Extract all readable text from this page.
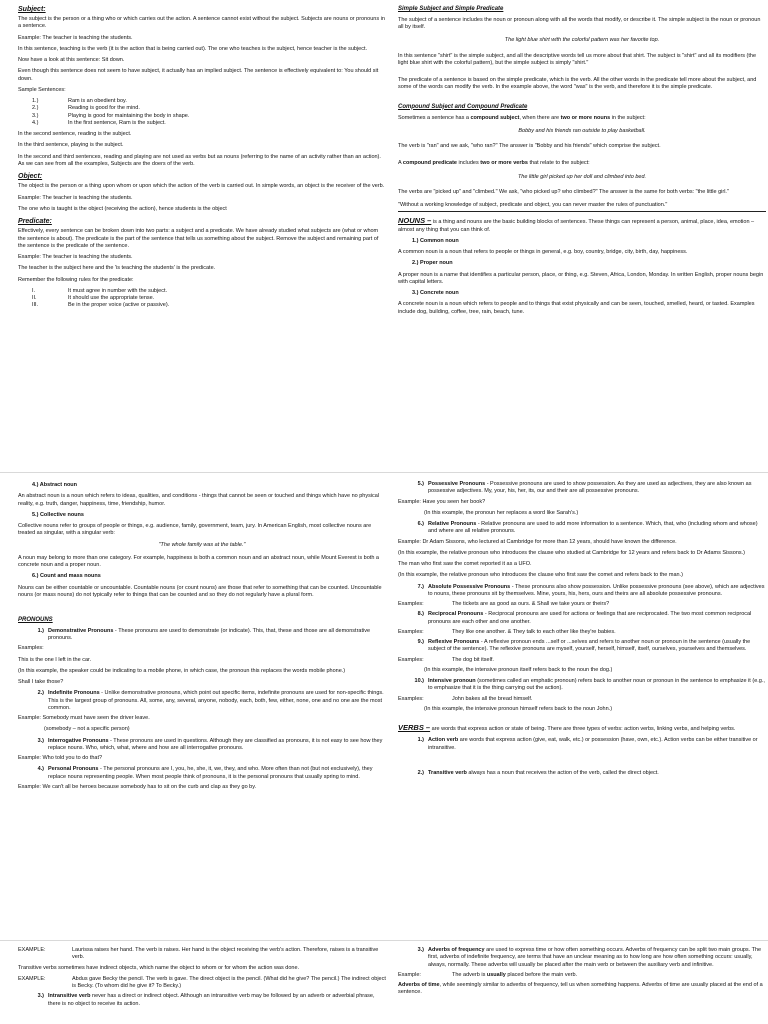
Subject:

The subject is the person or a thing who or which carries out the action. A sentence cannot exist without the subject. Subjects are nouns or pronouns in a sentence.

Example: The teacher is teaching the students.

In this sentence, teaching is the verb (it is the action that is being carried out). The one who teaches is the subject, hence teacher is the subject.

Now have a look at this sentence: Sit down.

Even though this sentence does not seem to have subject, it actually has an implied subject. The sentence is effectively equivalent to: You should sit down.

Sample Sentences:

1.)	Ram is an obedient boy.
2.)	Reading is good for the mind.
3.)	Playing is good for maintaining the body in shape.
4.)	In the first sentence, Ram is the subject.

In the second sentence, reading is the subject.

In the third sentence, playing is the subject.

In the second and third sentences, reading and playing are not used as verbs but as nouns (referring to the name of an activity rather than an action). As we can see from all the examples, Subjects are the doers of the verb.

Object:

The object is the person or a thing upon whom or upon which the action of the verb is carried out. In simple words, an object is the receiver of the verb.

Example: The teacher is teaching the students.

The one who is taught is the object (receiving the action), hence students is the object

Predicate:

Effectively, every sentence can be broken down into two parts: a subject and a predicate. We have already studied what subjects are (what or whom the sentence is about). The predicate is the part of the sentence that tells us something about the subject. Remove the subject and remaining part of the sentence is the predicate of the sentence.

Example: The teacher is teaching the students.

The teacher is the subject here and the 'is teaching the students' is the predicate.

Remember the following rules for the predicate:

I.	It must agree in number with the subject.
II.	It should use the appropriate tense.
III.	Be in the proper voice (active or passive).
Simple Subject and Simple Predicate

The subject of a sentence includes the noun or pronoun along with all the words that modify, or describe it. The simple subject is the noun or pronoun all by itself.

The light blue shirt with the colorful pattern was her favorite top.

In this sentence "shirt" is the simple subject, and all the descriptive words tell us more about that shirt. The subject is "shirt" and all its modifiers (the light blue shirt with the colorful pattern), but the simple subject is simply "shirt."

The predicate of a sentence is based on the simple predicate, which is the verb. All the other words in the predicate tell more about the subject, and some of the words can modify the verb. In the example above, the word "was" is the verb, and therefore it is the simple predicate.

Compound Subject and Compound Predicate

Sometimes a sentence has a compound subject, when there are two or more nouns in the subject:

Bobby and his friends ran outside to play basketball.

The verb is "ran" and we ask, "who ran?" The answer is "Bobby and his friends" which comprise the subject.

A compound predicate includes two or more verbs that relate to the subject:

The little girl picked up her doll and climbed into bed.

The verbs are "picked up" and "climbed." We ask, "who picked up? who climbed?" The answer is the same for both verbs: "the little girl."

"Without a working knowledge of subject, predicate and object, you can never master the rules of punctuation."

NOUNS – is a thing and nouns are the basic building blocks of sentences. These things can represent a person, animal, place, idea, emotion – almost any thing that you can think of.

1.) Common noun

A common noun is a noun that refers to people or things in general, e.g. boy, country, bridge, city, birth, day, happiness.

2.) Proper noun

A proper noun is a name that identifies a particular person, place, or thing, e.g. Steven, Africa, London, Monday. In written English, proper nouns begin with capital letters.

3.) Concrete noun

A concrete noun is a noun which refers to people and to things that exist physically and can be seen, touched, smelled, heard, or tasted. Examples include dog, building, coffee, tree, rain, beach, tune.

4.) Abstract noun

An abstract noun is a noun which refers to ideas, qualities, and conditions - things that cannot be seen or touched and things which have no physical reality, e.g. truth, danger, happiness, time, friendship, humor.

5.) Collective nouns

Collective nouns refer to groups of people or things, e.g. audience, family, government, team, jury. In American English, most collective nouns are treated as singular, with a singular verb:

"The whole family was at the table."

A noun may belong to more than one category. For example, happiness is both a common noun and an abstract noun, while Mount Everest is both a concrete noun and a proper noun.

6.) Count and mass nouns

Nouns can be either countable or uncountable. Countable nouns (or count nouns) are those that refer to something that can be counted. Uncountable nouns (or mass nouns) do not typically refer to things that can be counted and so they do not regularly have a plural form.

PRONOUNS
1.) Demonstrative Pronouns - These pronouns are used to demonstrate (or indicate). This, that, these and those are all demonstrative pronouns.

Examples:

This is the one I left in the car.

(In this example, the speaker could be indicating to a mobile phone, in which case, the pronoun this replaces the words mobile phone.)

Shall I take those?

2.) Indefinite Pronouns - Unlike demonstrative pronouns, which point out specific items, indefinite pronouns are used for non-specific things. This is the largest group of pronouns. All, some, any, several, anyone, nobody, each, both, few, either, none, one and no one are the most common.

Example: Somebody must have seen the driver leave.

(somebody – not a specific person)

3.) Interrogative Pronouns - These pronouns are used in questions. Although they are classified as pronouns, it is not easy to see how they replace nouns. Who, which, what, where and how are all interrogative pronouns.

Example: Who told you to do that?

4.) Personal Pronouns - The personal pronouns are I, you, he, she, it, we, they, and who. More often than not (but not exclusively), they replace nouns representing people. When most people think of pronouns, it is the personal pronouns that usually spring to mind.

Example: We can't all be heroes because somebody has to sit on the curb and clap as they go by.

5.) Possessive Pronouns - Possessive pronouns are used to show possession. As they are used as adjectives, they are also known as possessive adjectives. My, your, his, her, its, our and their are all possessive pronouns.

Example: Have you seen her book?

(In this example, the pronoun her replaces a word like Sarah's.)

6.) Relative Pronouns - Relative pronouns are used to add more information to a sentence. Which, that, who (including whom and whose) and where are all relative pronouns.

Example: Dr Adam Sissons, who lectured at Cambridge for more than 12 years, should have known the difference.

(In this example, the relative pronoun who introduces the clause who studied at Cambridge for 12 years and refers back to Dr Adams Sissons.)

The man who first saw the comet reported it as a UFO.

(In this example, the relative pronoun who introduces the clause who first saw the comet and refers back to the man.)

7.) Absolute Possessive Pronouns - These pronouns also show possession. Unlike possessive pronouns (see above), which are adjectives to nouns, these pronouns sit by themselves. Mine, yours, his, hers, ours and theirs are all absolute possessive pronouns.
Examples:	The tickets are as good as ours. & Shall we take yours or theirs?
8.) Reciprocal Pronouns - Reciprocal pronouns are used for actions or feelings that are reciprocated. The two most common reciprocal pronouns are each other and one another.
Examples:	They like one another. & They talk to each other like they're babies.
9.) Reflexive Pronouns - A reflexive pronoun ends ...self or ...selves and refers to another noun or pronoun in the sentence (usually the subject of the sentence). The reflexive pronouns are myself, yourself, herself, himself, itself, ourselves, yourselves and themselves.
Examples:	The dog bit itself.

(In this example, the intensive pronoun itself refers back to the noun the dog.)

10.) Intensive pronoun (sometimes called an emphatic pronoun) refers back to another noun or pronoun in the sentence to emphasize it (e.g., to emphasize that it is the thing carrying out the action).
Examples:	John bakes all the bread himself.

(In this example, the intensive pronoun himself refers back to the noun John.)

VERBS – are words that express action or state of being. There are three types of verbs: action verbs, linking verbs, and helping verbs.

1.) Action verb are words that express action (give, eat, walk, etc.) or possession (have, own, etc.). Action verbs can be either transitive or intransitive.
2.) Transitive verb always has a noun that receives the action of the verb, called the direct object.
EXAMPLE:	Laurissa raises her hand. The verb is raises. Her hand is the object receiving the verb's action. Therefore, raises is a transitive verb.

Transitive verbs sometimes have indirect objects, which name the object to whom or for whom the action was done.

EXAMPLE:	Abdus gave Becky the pencil. The verb is gave. The direct object is the pencil. (What did he give? The pencil.) The indirect object is Becky. (To whom did he give it? To Becky.)
3.) Intransitive verb never has a direct or indirect object. Although an intransitive verb may be followed by an adverb or adverbial phrase, there is no object to receive its action.
3.) Adverbs of frequency are used to express time or how often something occurs. Adverbs of frequency can be split two main groups. The first, adverbs of indefinite frequency, are terms that have an unclear meaning as to how long are how often something occurs: usually, always, normally. These adverbs will usually be placed after the main verb or between the auxiliary verb and infinitive.
Example:	The adverb is usually placed before the main verb.

Adverbs of time, while seemingly similar to adverbs of frequency, tell us when something happens. Adverbs of time are usually placed at the end of a sentence.
